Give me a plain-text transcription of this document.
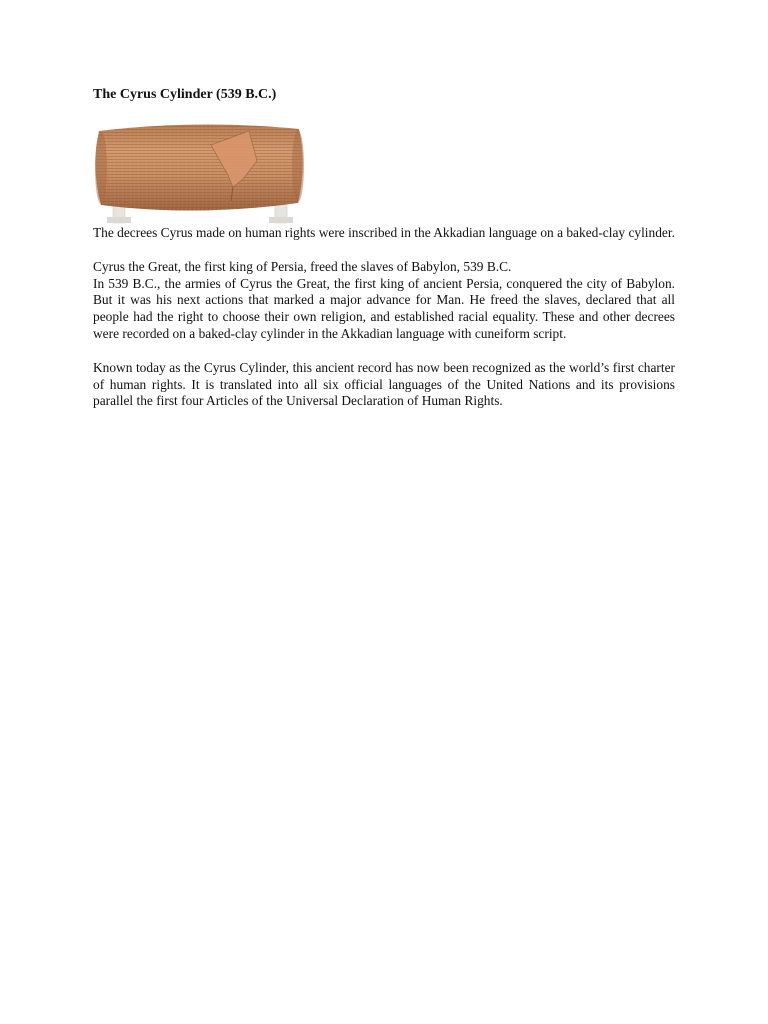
The Cyrus Cylinder (539 B.C.)

The decrees Cyrus made on human rights were inscribed in the Akkadian language on a baked-clay cylinder.

Cyrus the Great, the first king of Persia, freed the slaves of Babylon, 539 B.C.

In 539 B.C., the armies of Cyrus the Great, the first king of ancient Persia, conquered the city of Babylon. But it was his next actions that marked a major advance for Man. He freed the slaves, declared that all people had the right to choose their own religion, and established racial equality. These and other decrees were recorded on a baked-clay cylinder in the Akkadian language with cuneiform script.

Known today as the Cyrus Cylinder, this ancient record has now been recognized as the world’s first charter of human rights. It is translated into all six official languages of the United Nations and its provisions parallel the first four Articles of the Universal Declaration of Human Rights.
